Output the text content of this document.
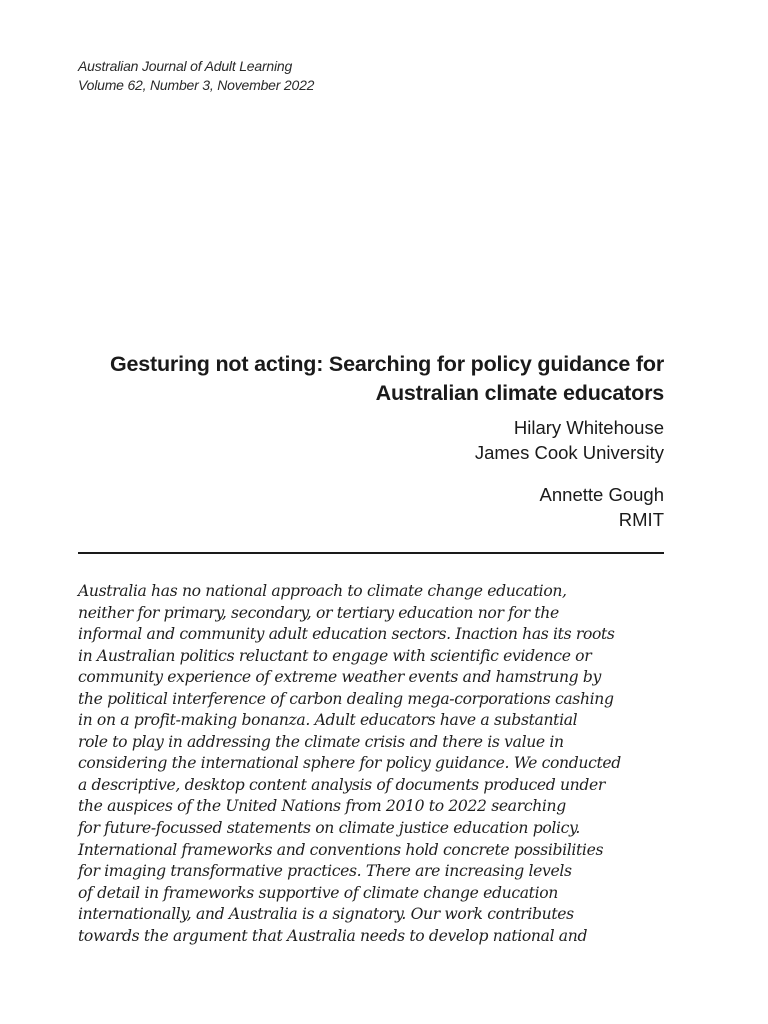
Australian Journal of Adult Learning
Volume 62, Number 3, November 2022
Gesturing not acting: Searching for policy guidance for
Australian climate educators
Hilary Whitehouse
James Cook University
Annette Gough
RMIT
Australia has no national approach to climate change education,
neither for primary, secondary, or tertiary education nor for the
informal and community adult education sectors. Inaction has its roots
in Australian politics reluctant to engage with scientific evidence or
community experience of extreme weather events and hamstrung by
the political interference of carbon dealing mega-corporations cashing
in on a profit-making bonanza. Adult educators have a substantial
role to play in addressing the climate crisis and there is value in
considering the international sphere for policy guidance. We conducted
a descriptive, desktop content analysis of documents produced under
the auspices of the United Nations from 2010 to 2022 searching
for future-focussed statements on climate justice education policy.
International frameworks and conventions hold concrete possibilities
for imaging transformative practices. There are increasing levels
of detail in frameworks supportive of climate change education
internationally, and Australia is a signatory. Our work contributes
towards the argument that Australia needs to develop national and
